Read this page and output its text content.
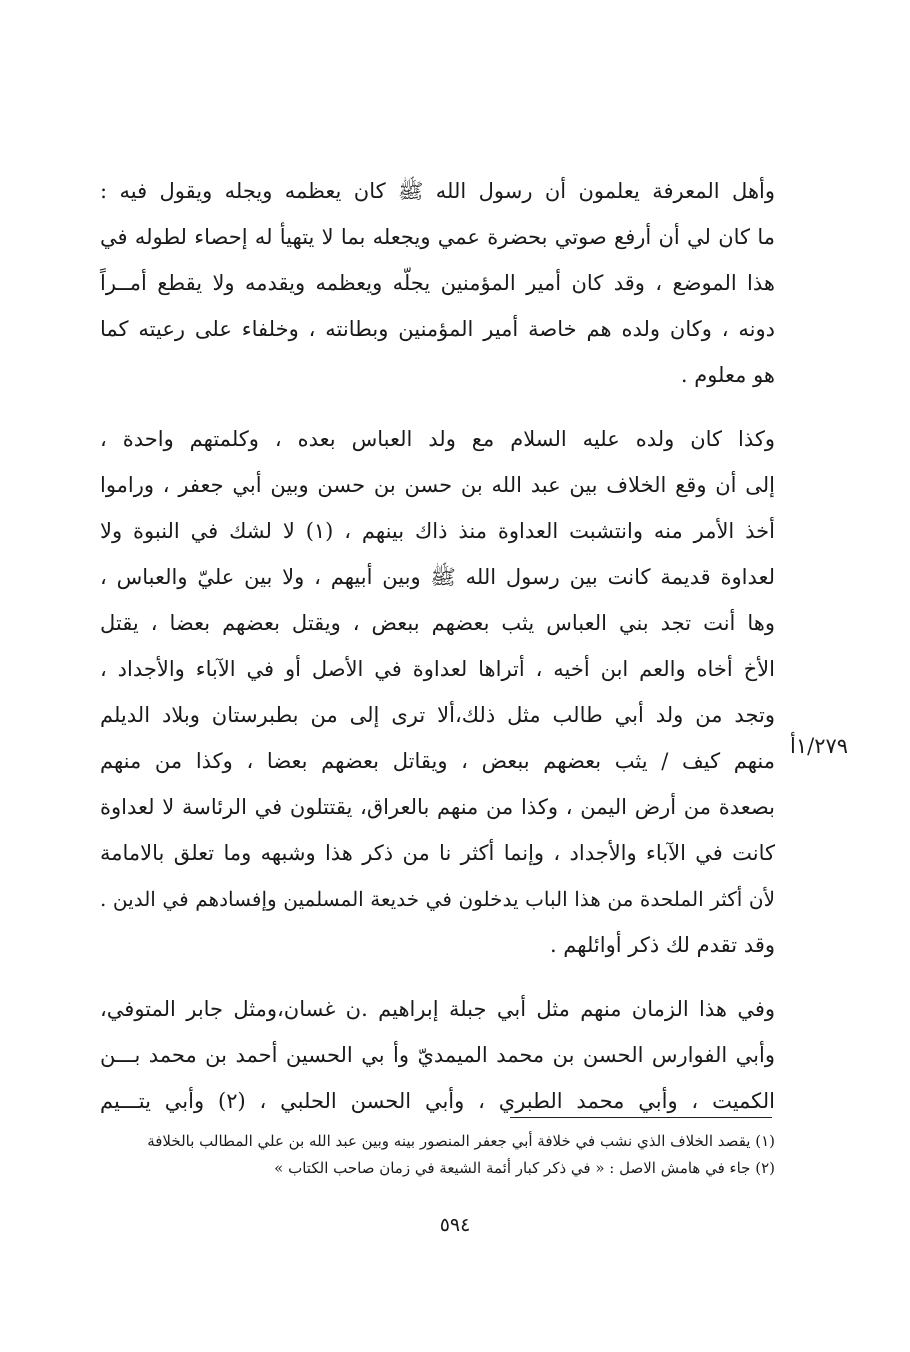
وأهل المعرفة يعلمون أن رسول الله ﷺ كان يعظمه ويجله ويقول فيه :
ما كان لي أن أرفع صوتي بحضرة عمي ويجعله بما لا يتهيأ له إحصاء لطوله في
هذا الموضع ، وقد كان أمير المؤمنين يجلّه ويعظمه ويقدمه ولا يقطع أمــراً
دونه ، وكان ولده هم خاصة أمير المؤمنين وبطانته ، وخلفاء على رعيته كما
هو معلوم .
وكذا كان ولده عليه السلام مع ولد العباس بعده ، وكلمتهم واحدة ،
إلى أن وقع الخلاف بين عبد الله بن حسن بن حسن وبين أبي جعفر ، وراموا
أخذ الأمر منه وانتشبت العداوة منذ ذاك بينهم ، (١) لا لشك في النبوة ولا
لعداوة قديمة كانت بين رسول الله ﷺ وبين أبيهم ، ولا بين عليّ والعباس ،
وها أنت تجد بني العباس يثب بعضهم ببعض ، ويقتل بعضهم بعضا ، يقتل
الأخ أخاه والعم ابن أخيه ، أتراها لعداوة في الأصل أو في الآباء والأجداد ،
وتجد من ولد أبي طالب مثل ذلك،ألا ترى إلى من بطبرستان وبلاد الديلم
منهم كيف / يثب بعضهم ببعض ، ويقاتل بعضهم بعضا ، وكذا من منهم
بصعدة من أرض اليمن ، وكذا من منهم بالعراق، يقتتلون في الرئاسة لا لعداوة
كانت في الآباء والأجداد ، وإنما أكثر نا من ذكر هذا وشبهه وما تعلق بالامامة
لأن أكثر الملحدة من هذا الباب يدخلون في خديعة المسلمين وإفسادهم في الدين .
وقد تقدم لك ذكر أوائلهم .
وفي هذا الزمان منهم مثل أبي جبلة إبراهيم .ن غسان،ومثل جابر المتوفي،
وأبي الفوارس الحسن بن محمد الميمديّ وأ بي الحسين أحمد بن محمد بـــن
الكميت ، وأبي محمد الطبري ، وأبي الحسن الحلبي ، (٢) وأبي يتـــيم
١/٢٧٩أ
(١) يقصد الخلاف الذي نشب في خلافة أبي جعفر المنصور بينه وبين عبد الله بن علي المطالب بالخلافة
(٢) جاء في هامش الاصل : « في ذكر كبار أئمة الشيعة في زمان صاحب الكتاب »
٥٩٤
